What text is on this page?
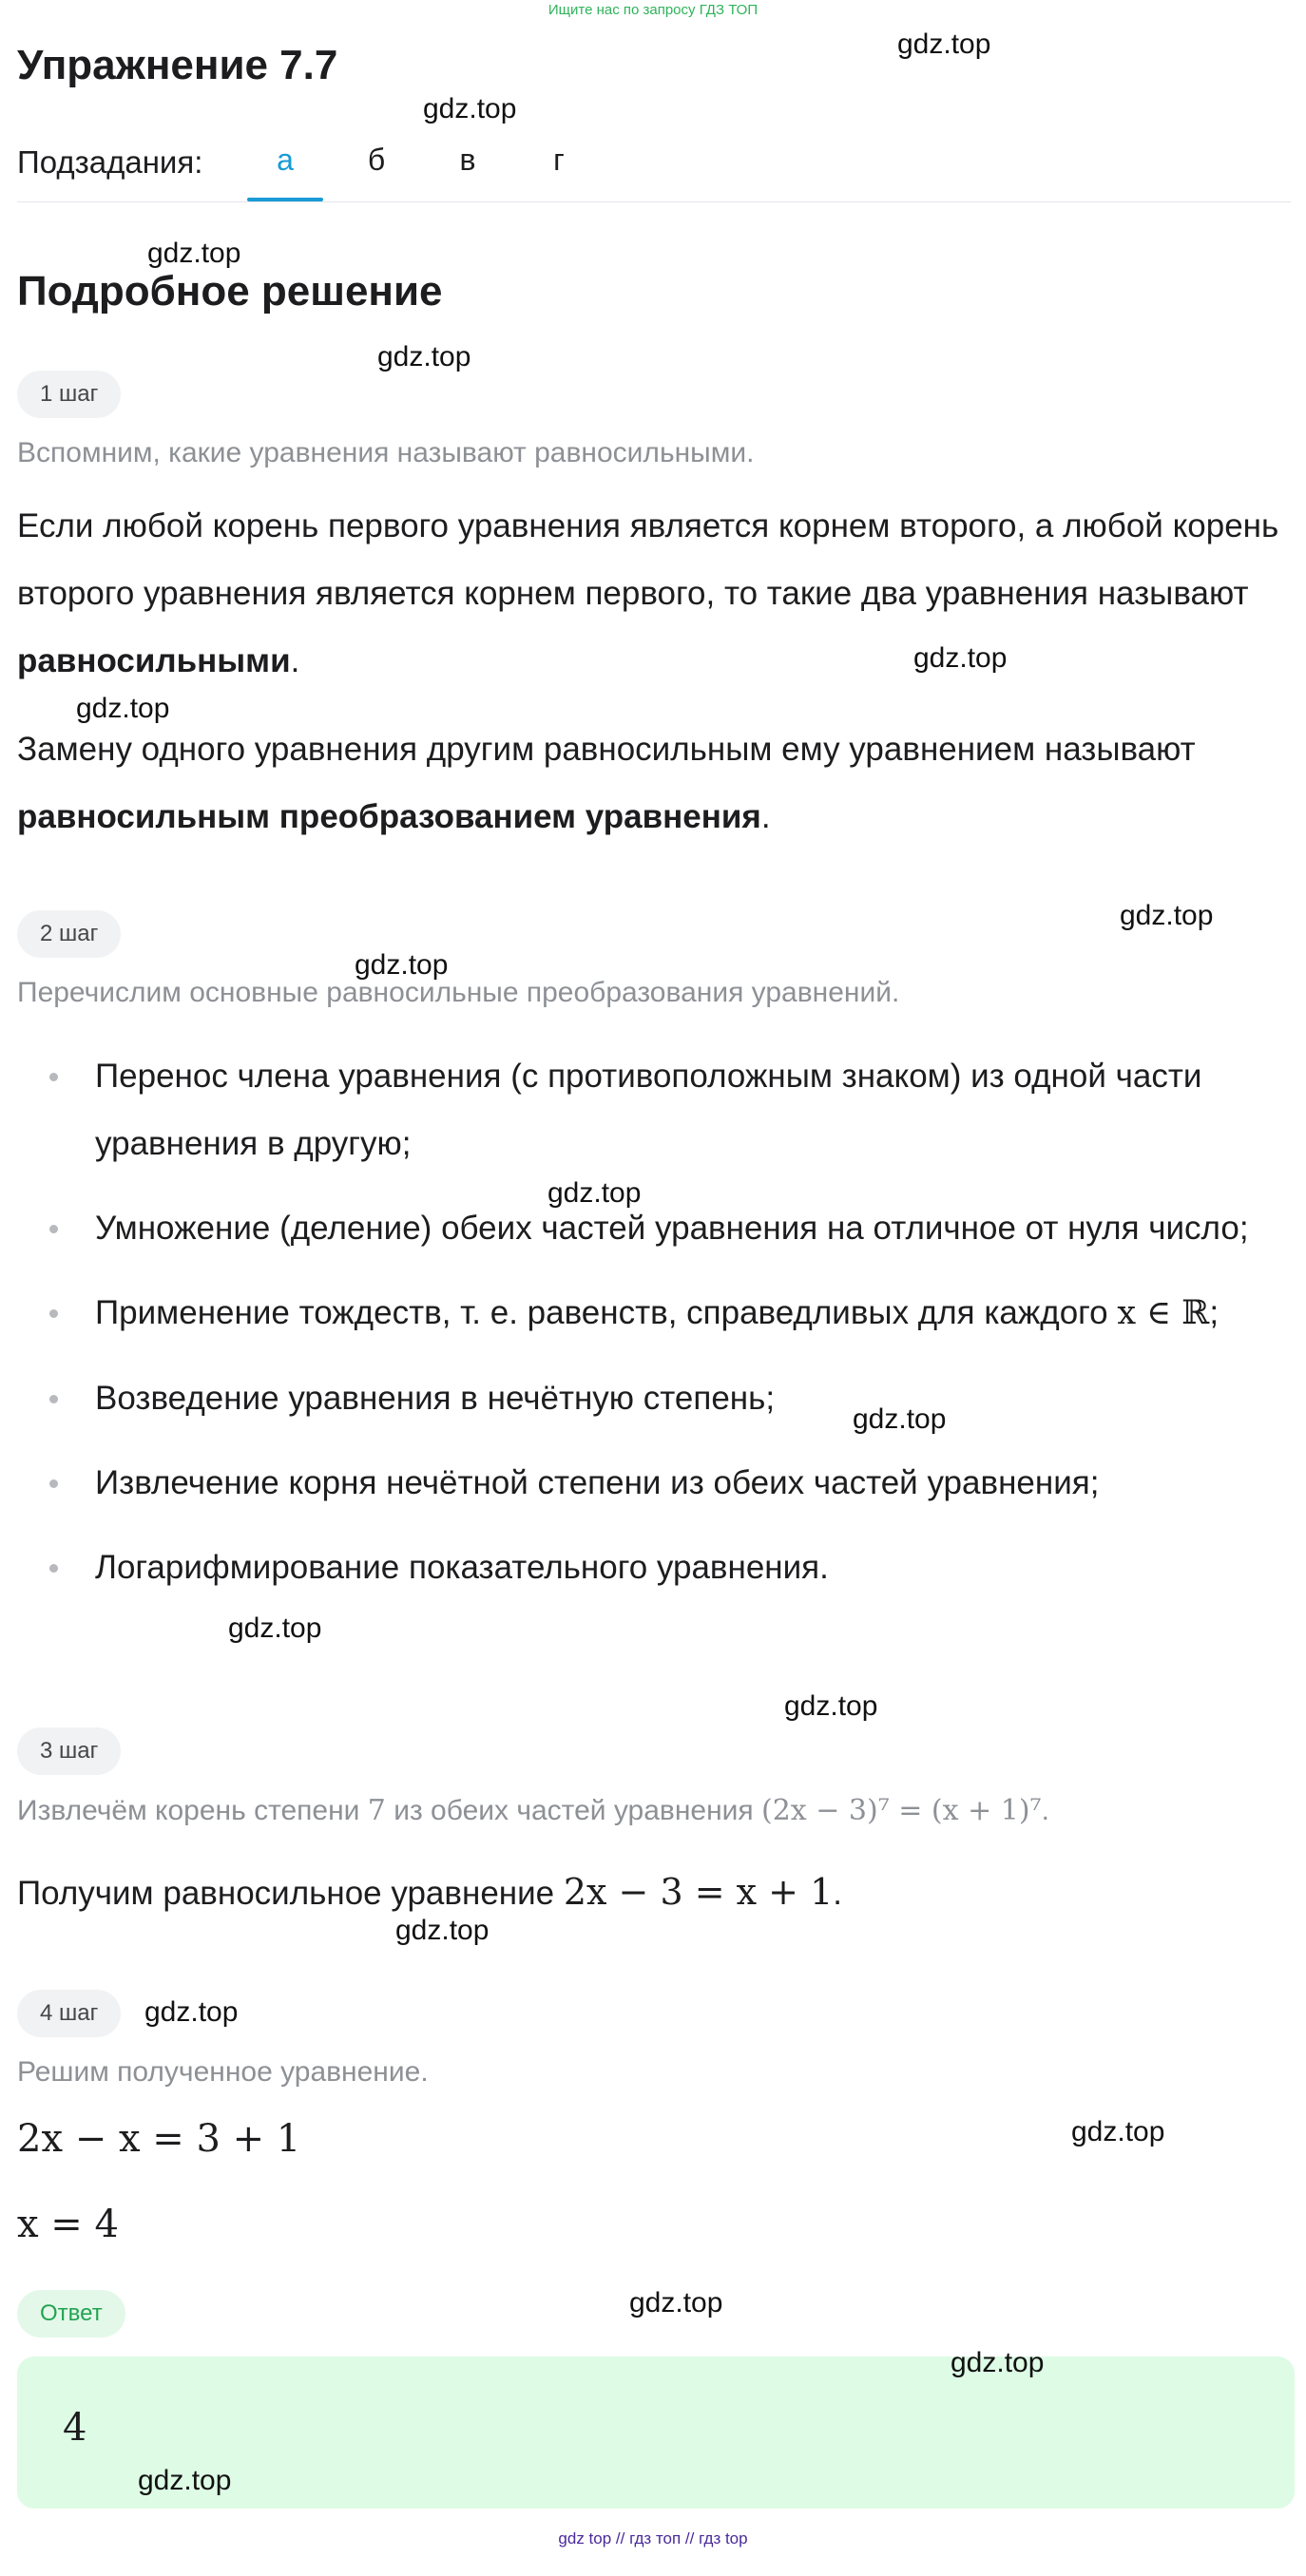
Ищите нас по запросу ГДЗ ТОП
Упражнение 7.7
Подзадания:	а	б	в	г
Подробное решение
1 шаг
Вспомним, какие уравнения называют равносильными.
Если любой корень первого уравнения является корнем второго, а любой корень второго уравнения является корнем первого, то такие два уравнения называют равносильными.
Замену одного уравнения другим равносильным ему уравнением называют равносильным преобразованием уравнения.
2 шаг
Перечислим основные равносильные преобразования уравнений.
Перенос члена уравнения (с противоположным знаком) из одной части уравнения в другую;
Умножение (деление) обеих частей уравнения на отличное от нуля число;
Применение тождеств, т. е. равенств, справедливых для каждого x ∈ ℝ;
Возведение уравнения в нечётную степень;
Извлечение корня нечётной степени из обеих частей уравнения;
Логарифмирование показательного уравнения.
3 шаг
Извлечём корень степени 7 из обеих частей уравнения (2x − 3)⁷ = (x + 1)⁷.
Получим равносильное уравнение 2x − 3 = x + 1.
4 шаг
Решим полученное уравнение.
2x − x = 3 + 1
x = 4
Ответ
4
gdz.top
gdz.top
gdz.top
gdz.top
gdz.top
gdz.top
gdz.top
gdz.top
gdz.top
gdz.top
gdz.top
gdz.top
gdz.top
gdz.top
gdz.top
gdz.top
gdz.top
gdz.top
gdz top // гдз топ // гдз top
